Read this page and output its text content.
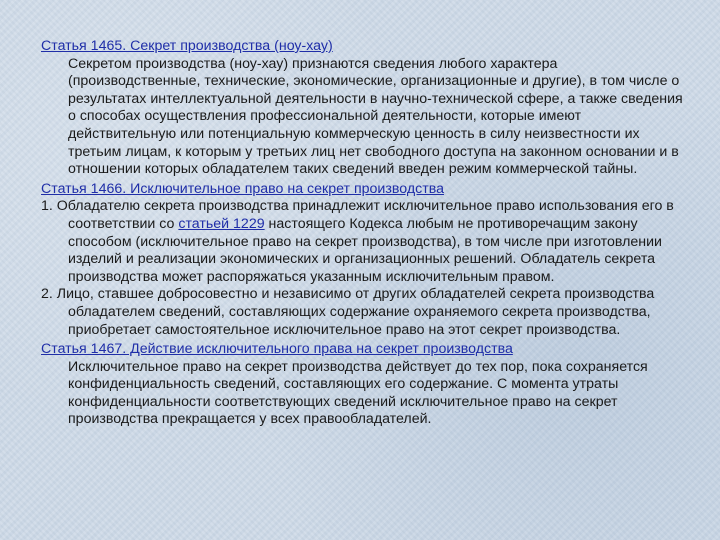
Статья 1465. Секрет производства (ноу-хау)

Секретом производства (ноу-хау) признаются сведения любого характера (производственные, технические, экономические, организационные и другие), в том числе о результатах интеллектуальной деятельности в научно-технической сфере, а также сведения о способах осуществления профессиональной деятельности, которые имеют действительную или потенциальную коммерческую ценность в силу неизвестности их третьим лицам, к которым у третьих лиц нет свободного доступа на законном основании и в отношении которых обладателем таких сведений введен режим коммерческой тайны.

Статья 1466. Исключительное право на секрет производства

1. Обладателю секрета производства принадлежит исключительное право использования его в соответствии со статьей 1229 настоящего Кодекса любым не противоречащим закону способом (исключительное право на секрет производства), в том числе при изготовлении изделий и реализации экономических и организационных решений. Обладатель секрета производства может распоряжаться указанным исключительным правом.

2. Лицо, ставшее добросовестно и независимо от других обладателей секрета производства обладателем сведений, составляющих содержание охраняемого секрета производства, приобретает самостоятельное исключительное право на этот секрет производства.

Статья 1467. Действие исключительного права на секрет производства

Исключительное право на секрет производства действует до тех пор, пока сохраняется конфиденциальность сведений, составляющих его содержание. С момента утраты конфиденциальности соответствующих сведений исключительное право на секрет производства прекращается у всех правообладателей.
